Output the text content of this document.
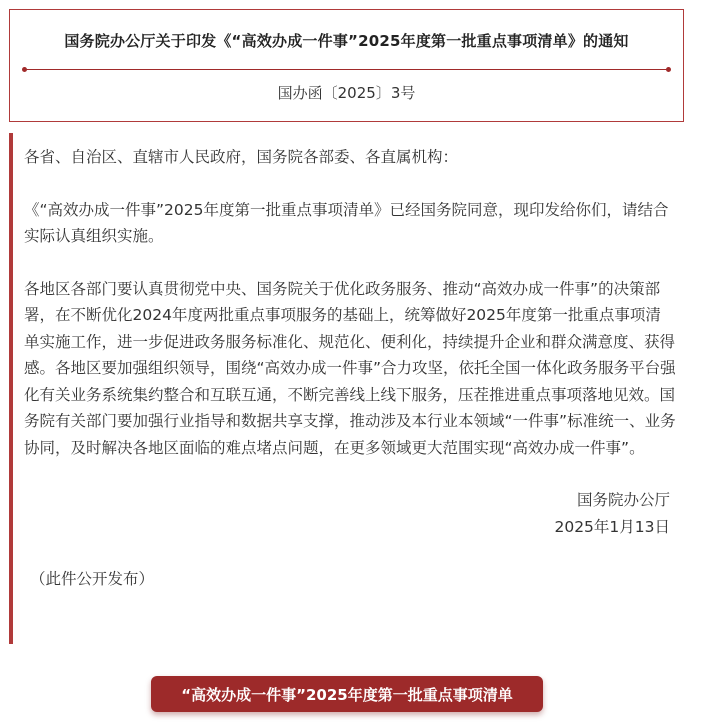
国务院办公厅关于印发《“高效办成一件事”2025年度第一批重点事项清单》的通知
国办函〔2025〕3号

各省、自治区、直辖市人民政府，国务院各部委、各直属机构：

《“高效办成一件事”2025年度第一批重点事项清单》已经国务院同意，现印发给你们，请结合实际认真组织实施。

各地区各部门要认真贯彻党中央、国务院关于优化政务服务、推动“高效办成一件事”的决策部署，在不断优化2024年度两批重点事项服务的基础上，统筹做好2025年度第一批重点事项清单实施工作，进一步促进政务服务标准化、规范化、便利化，持续提升企业和群众满意度、获得感。各地区要加强组织领导，围绕“高效办成一件事”合力攻坚，依托全国一体化政务服务平台强化有关业务系统集约整合和互联互通，不断完善线上线下服务，压茬推进重点事项落地见效。国务院有关部门要加强行业指导和数据共享支撑，推动涉及本行业本领域“一件事”标准统一、业务协同，及时解决各地区面临的难点堵点问题，在更多领域更大范围实现“高效办成一件事”。

国务院办公厅

2025年1月13日

（此件公开发布）

“高效办成一件事”2025年度第一批重点事项清单
